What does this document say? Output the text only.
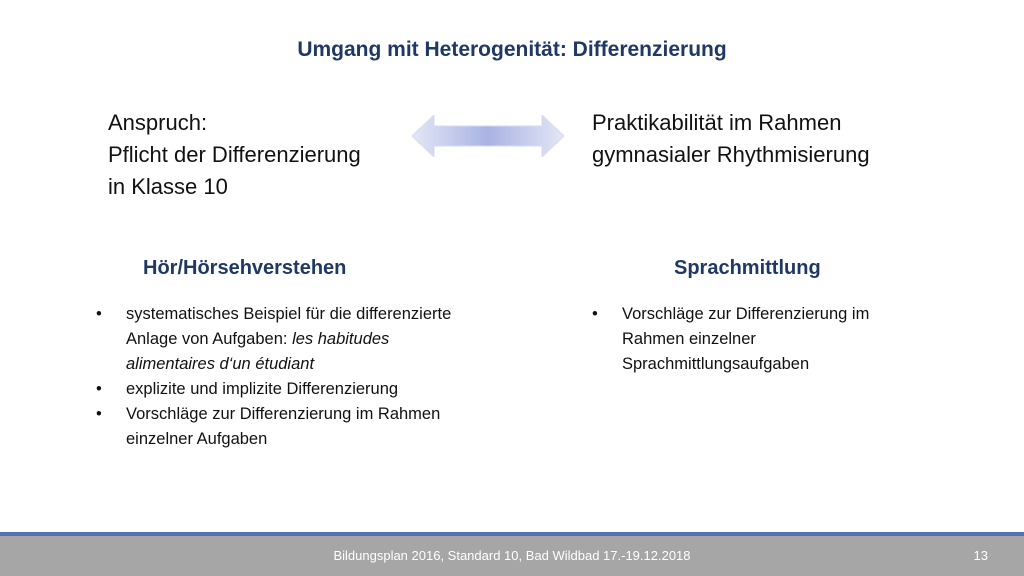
Umgang mit Heterogenität: Differenzierung
Anspruch:
Pflicht der Differenzierung
in Klasse 10
Praktikabilität im Rahmen
gymnasialer Rhythmisierung
Hör/Hörsehverstehen	Sprachmittlung
• systematisches Beispiel für die differenzierte
Anlage von Aufgaben: les habitudes
alimentaires d‘un étudiant
• explizite und implizite Differenzierung
• Vorschläge zur Differenzierung im Rahmen
einzelner Aufgaben
• Vorschläge zur Differenzierung im
Rahmen einzelner
Sprachmittlungsaufgaben
Bildungsplan 2016, Standard 10, Bad Wildbad 17.-19.12.2018	13
